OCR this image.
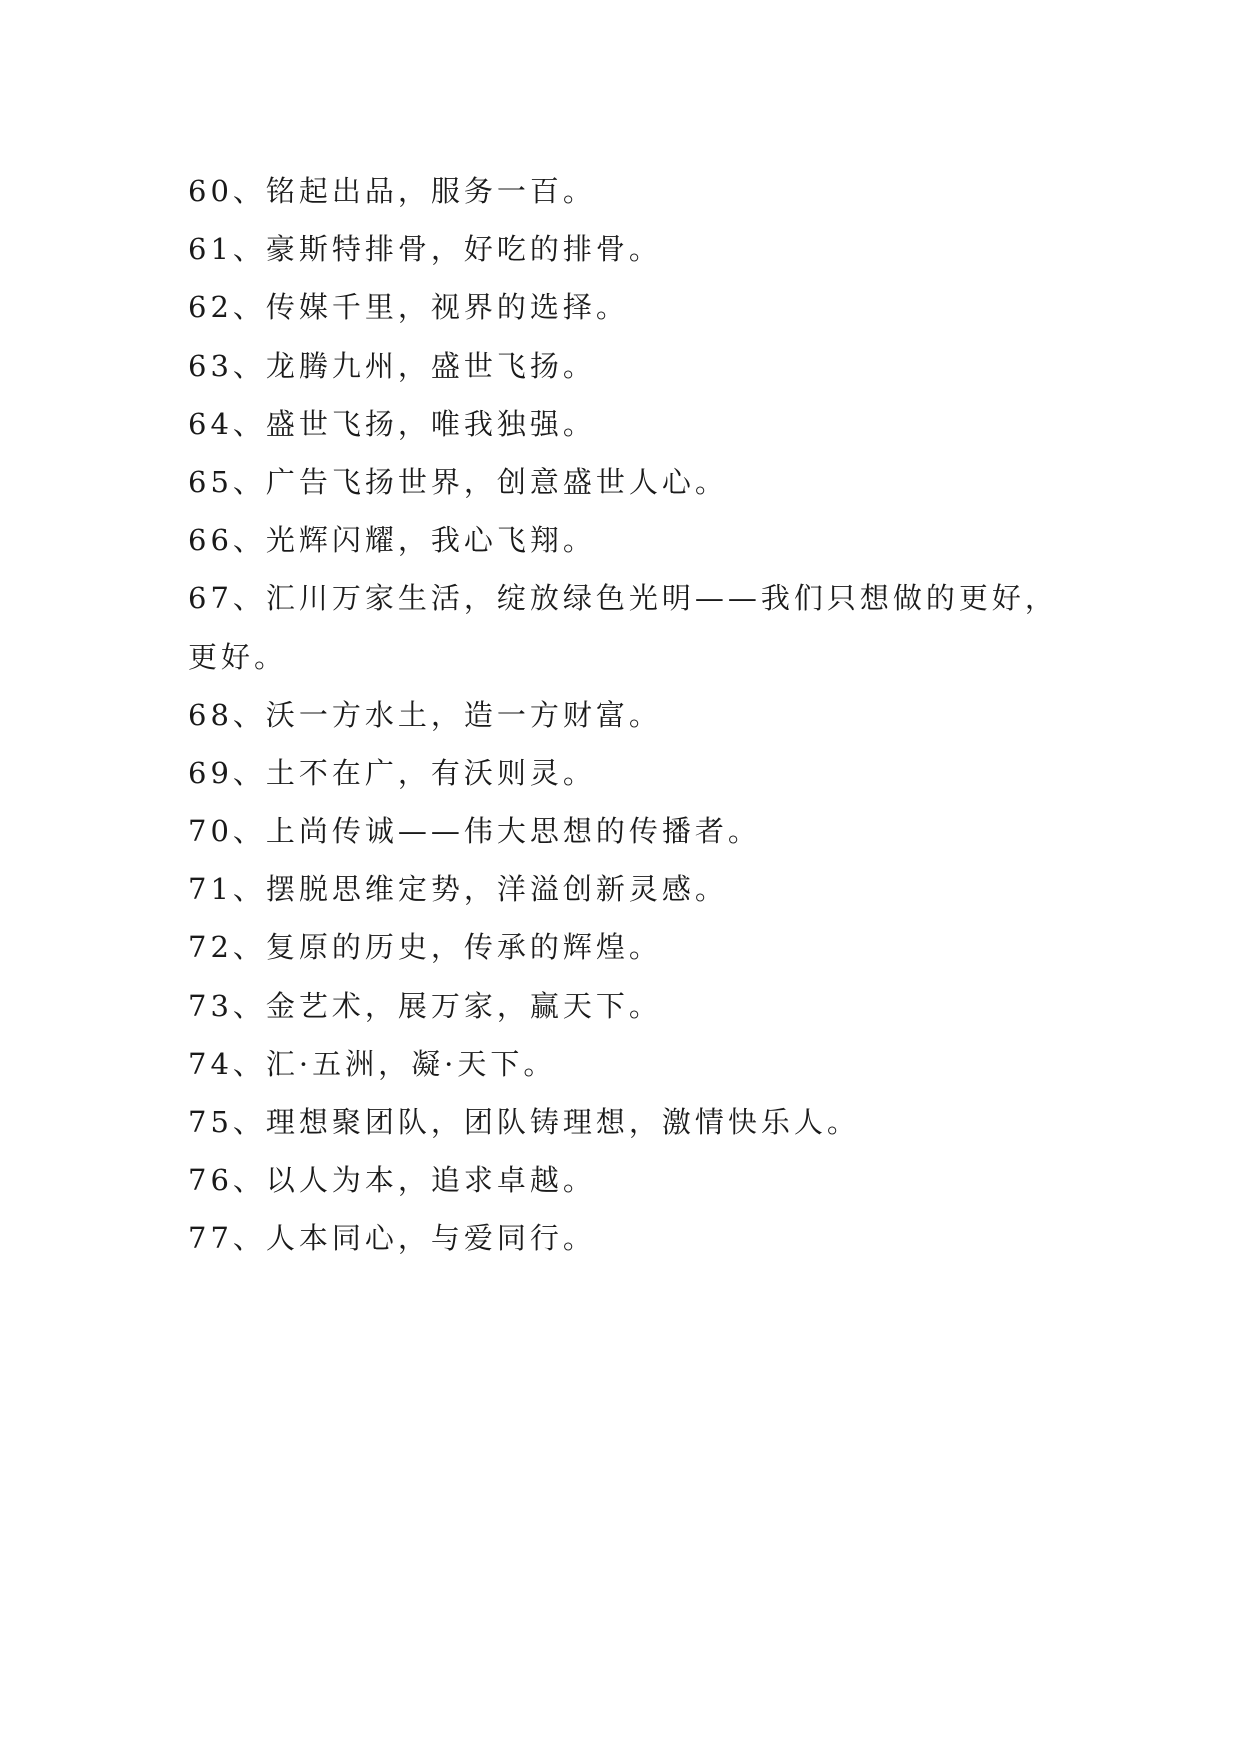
60、铭起出品，服务一百。
61、豪斯特排骨，好吃的排骨。
62、传媒千里，视界的选择。
63、龙腾九州，盛世飞扬。
64、盛世飞扬，唯我独强。
65、广告飞扬世界，创意盛世人心。
66、光辉闪耀，我心飞翔。
67、汇川万家生活，绽放绿色光明——我们只想做的更好，
更好。
68、沃一方水土，造一方财富。
69、土不在广，有沃则灵。
70、上尚传诚——伟大思想的传播者。
71、摆脱思维定势，洋溢创新灵感。
72、复原的历史，传承的辉煌。
73、金艺术，展万家，赢天下。
74、汇·五洲，凝·天下。
75、理想聚团队，团队铸理想，激情快乐人。
76、以人为本，追求卓越。
77、人本同心，与爱同行。
